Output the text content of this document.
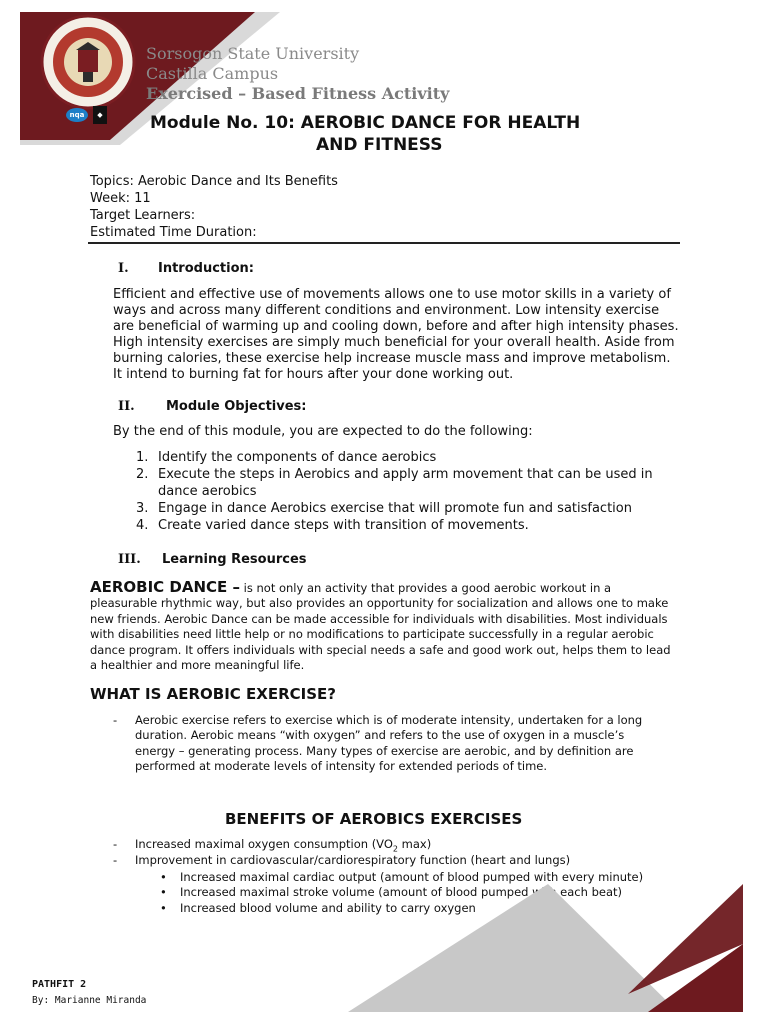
nqa	◆
Sorsogon State University
Castilla Campus
Exercised – Based Fitness Activity
Module No. 10: AEROBIC DANCE FOR HEALTH
AND FITNESS
Topics: Aerobic Dance and Its Benefits
Week: 11
Target Learners:
Estimated Time Duration:
I. Introduction:
Efficient and effective use of movements allows one to use motor skills in a variety of
ways and across many different conditions and environment. Low intensity exercise
are beneficial of warming up and cooling down, before and after high intensity phases.
High intensity exercises are simply much beneficial for your overall health. Aside from
burning calories, these exercise help increase muscle mass and improve metabolism.
It intend to burning fat for hours after your done working out.
II. Module Objectives:
By the end of this module, you are expected to do the following:
1. Identify the components of dance aerobics
2. Execute the steps in Aerobics and apply arm movement that can be used in dance aerobics
3. Engage in dance Aerobics exercise that will promote fun and satisfaction
4. Create varied dance steps with transition of movements.
III. Learning Resources
AEROBIC DANCE – is not only an activity that provides a good aerobic workout in a pleasurable rhythmic way, but also provides an opportunity for socialization and allows one to make new friends. Aerobic Dance can be made accessible for individuals with disabilities. Most individuals with disabilities need little help or no modifications to participate successfully in a regular aerobic dance program. It offers individuals with special needs a safe and good work out, helps them to lead a healthier and more meaningful life.
WHAT IS AEROBIC EXERCISE?
- Aerobic exercise refers to exercise which is of moderate intensity, undertaken for a long
duration. Aerobic means “with oxygen” and refers to the use of oxygen in a muscle’s
energy – generating process. Many types of exercise are aerobic, and by definition are
performed at moderate levels of intensity for extended periods of time.
BENEFITS OF AEROBICS EXERCISES
- Increased maximal oxygen consumption ($VO_2$ max)
- Improvement in cardiovascular/cardiorespiratory function (heart and lungs)
• Increased maximal cardiac output (amount of blood pumped with every minute)
• Increased maximal stroke volume (amount of blood pumped with each beat)
• Increased blood volume and ability to carry oxygen
PATHFIT 2
By: Marianne Miranda
